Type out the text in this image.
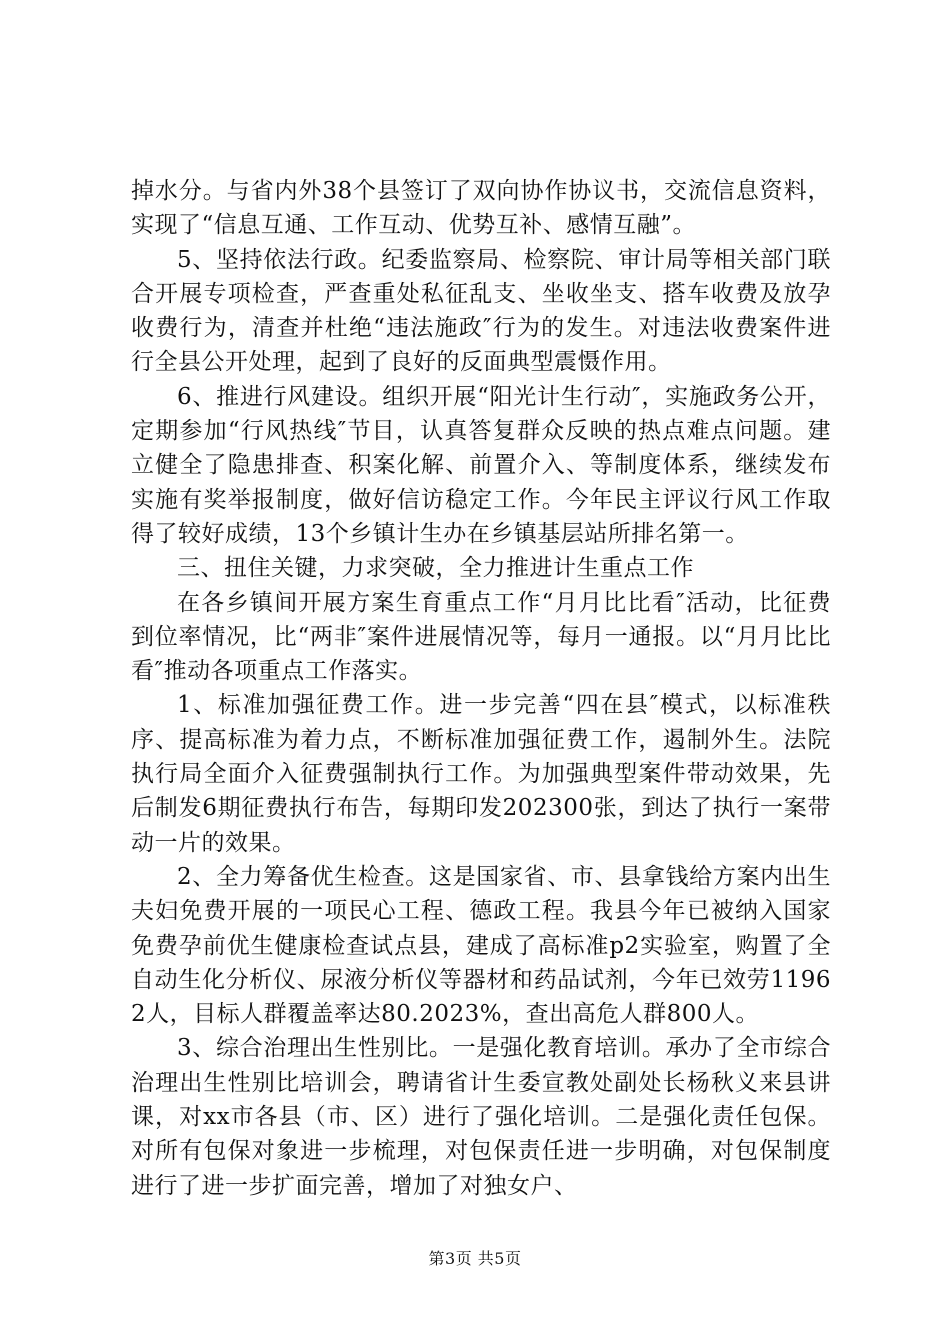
掉水分。与省内外38个县签订了双向协作协议书，交流信息资料，实现了“信息互通、工作互动、优势互补、感情互融”。

5、坚持依法行政。纪委监察局、检察院、审计局等相关部门联合开展专项检查，严查重处私征乱支、坐收坐支、搭车收费及放孕收费行为，清查并杜绝“违法施政″行为的发生。对违法收费案件进行全县公开处理，起到了良好的反面典型震慑作用。

6、推进行风建设。组织开展“阳光计生行动″，实施政务公开，定期参加“行风热线″节目，认真答复群众反映的热点难点问题。建立健全了隐患排查、积案化解、前置介入、等制度体系，继续发布实施有奖举报制度，做好信访稳定工作。今年民主评议行风工作取得了较好成绩，13个乡镇计生办在乡镇基层站所排名第一。

三、扭住关键，力求突破，全力推进计生重点工作

在各乡镇间开展方案生育重点工作“月月比比看″活动，比征费到位率情况，比“两非″案件进展情况等，每月一通报。以“月月比比看″推动各项重点工作落实。

1、标准加强征费工作。进一步完善“四在县″模式，以标准秩序、提高标准为着力点，不断标准加强征费工作，遏制外生。法院执行局全面介入征费强制执行工作。为加强典型案件带动效果，先后制发6期征费执行布告，每期印发202300张，到达了执行一案带动一片的效果。

2、全力筹备优生检查。这是国家省、市、县拿钱给方案内出生夫妇免费开展的一项民心工程、德政工程。我县今年已被纳入国家免费孕前优生健康检查试点县，建成了高标准p2实验室，购置了全自动生化分析仪、尿液分析仪等器材和药品试剂，今年已效劳11962人，目标人群覆盖率达80.2023%，查出高危人群800人。

3、综合治理出生性别比。一是强化教育培训。承办了全市综合治理出生性别比培训会，聘请省计生委宣教处副处长杨秋义来县讲课，对xx市各县（市、区）进行了强化培训。二是强化责任包保。对所有包保对象进一步梳理，对包保责任进一步明确，对包保制度进行了进一步扩面完善，增加了对独女户、

第3页 共5页
